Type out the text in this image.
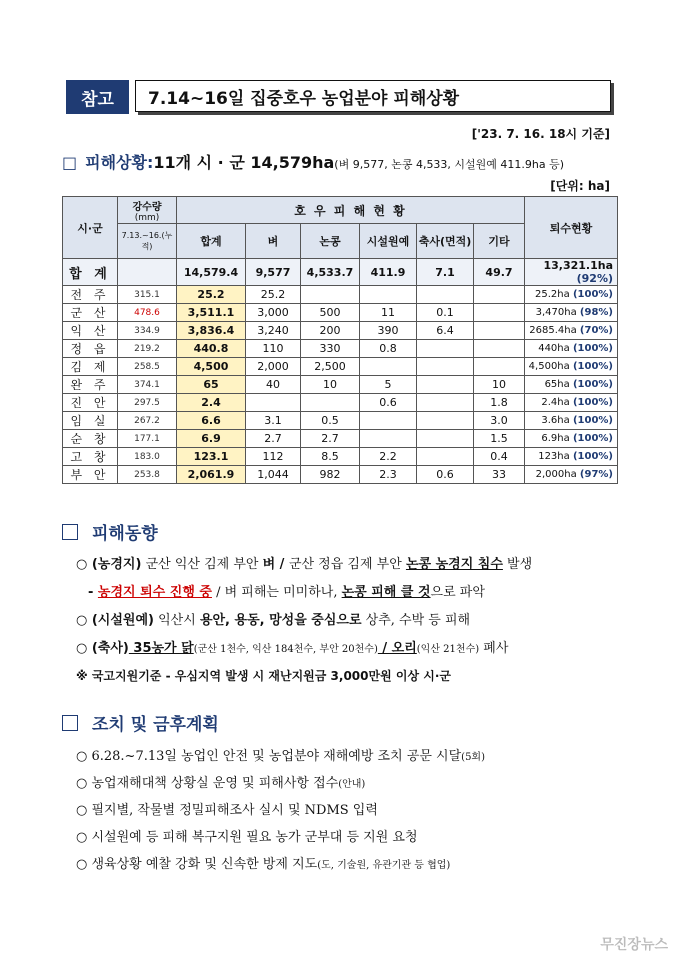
참고	7.14~16일 집중호우 농업분야 피해상황
['23. 7. 16. 18시 기준]
□ 피해상황: 11개 시 · 군 14,579ha (벼 9,577, 논콩 4,533, 시설원예 411.9ha 등)
[단위: ha]
시·군	강수량
(mm)	호 우 피 해 현 황						퇴수현황
	7.13.~16.(누적)	합계	벼	논콩	시설원예	축사(면적)	기타	
합 계		14,579.4	9,577	4,533.7	411.9	7.1	49.7	13,321.1ha (92%)
전 주	315.1	25.2	25.2					25.2ha (100%)
군 산	478.6	3,511.1	3,000	500	11	0.1		3,470ha (98%)
익 산	334.9	3,836.4	3,240	200	390	6.4		2685.4ha (70%)
정 읍	219.2	440.8	110	330	0.8			440ha (100%)
김 제	258.5	4,500	2,000	2,500				4,500ha (100%)
완 주	374.1	65	40	10	5		10	65ha (100%)
진 안	297.5	2.4			0.6		1.8	2.4ha (100%)
임 실	267.2	6.6	3.1	0.5			3.0	3.6ha (100%)
순 창	177.1	6.9	2.7	2.7			1.5	6.9ha (100%)
고 창	183.0	123.1	112	8.5	2.2		0.4	123ha (100%)
부 안	253.8	2,061.9	1,044	982	2.3	0.6	33	2,000ha (97%)
피해동향
○ (농경지) 군산 익산 김제 부안 벼 / 군산 정읍 김제 부안 논콩 농경지 침수 발생
- 농경지 퇴수 진행 중 / 벼 피해는 미미하나, 논콩 피해 클 것으로 파악
○ (시설원예) 익산시 용안, 용동, 망성을 중심으로 상추, 수박 등 피해
○ (축사) 35농가 닭(군산 1천수, 익산 184천수, 부안 20천수) / 오리(익산 21천수) 폐사
※ 국고지원기준 - 우심지역 발생 시 재난지원금 3,000만원 이상 시·군
조치 및 금후계획
○ 6.28.~7.13일 농업인 안전 및 농업분야 재해예방 조치 공문 시달(5회)
○ 농업재해대책 상황실 운영 및 피해사항 접수(안내)
○ 필지별, 작물별 정밀피해조사 실시 및 NDMS 입력
○ 시설원예 등 피해 복구지원 필요 농가 군부대 등 지원 요청
○ 생육상황 예찰 강화 및 신속한 방제 지도(도, 기술원, 유관기관 등 협업)
무진장뉴스
